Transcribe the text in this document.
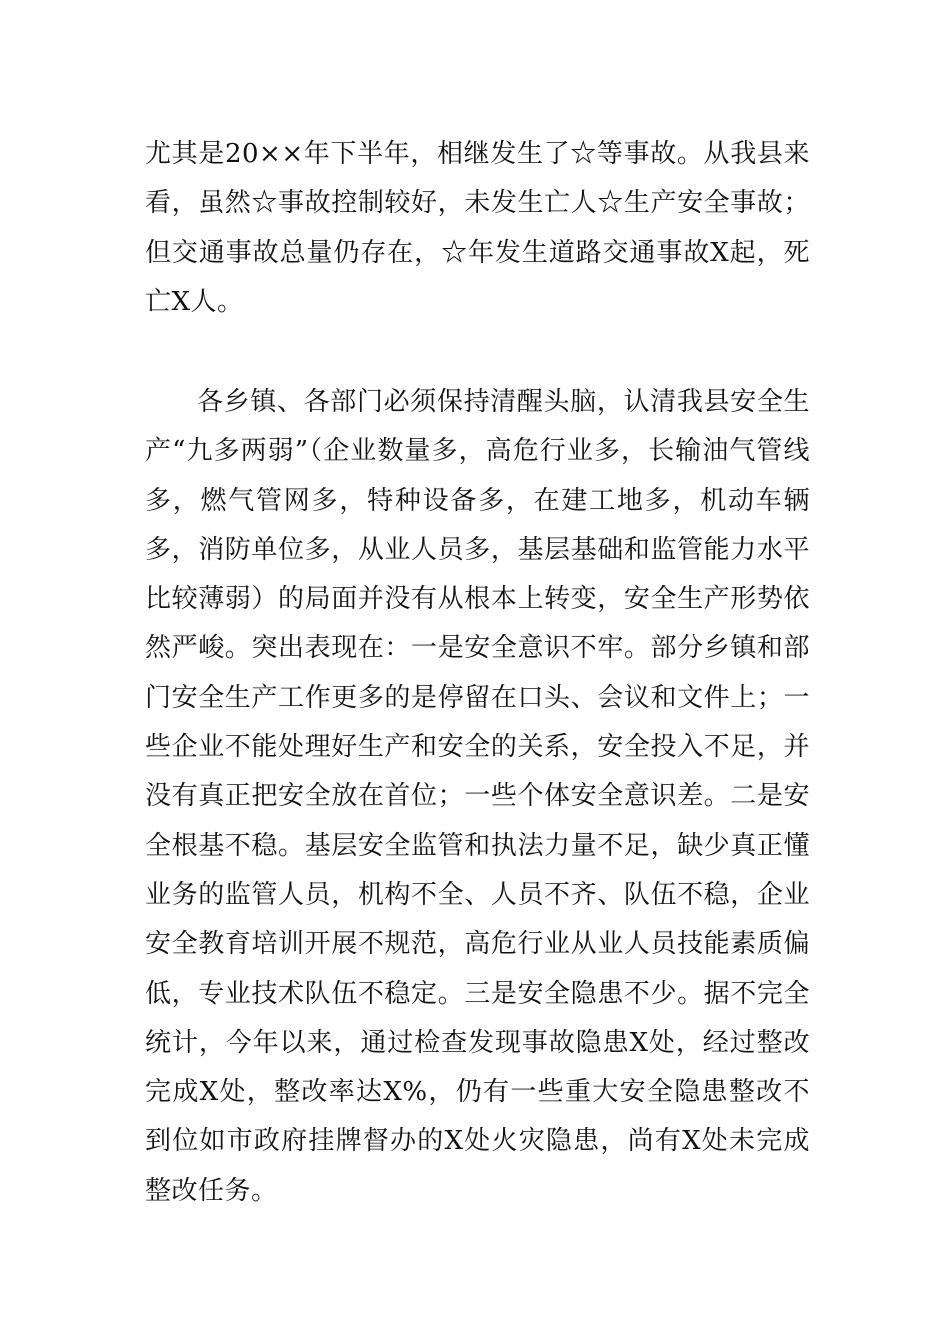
尤其是20××年下半年，相继发生了☆等事故。从我县来看，虽然☆事故控制较好，未发生亡人☆生产安全事故；但交通事故总量仍存在，☆年发生道路交通事故X起，死亡X人。

各乡镇、各部门必须保持清醒头脑，认清我县安全生产“九多两弱”（企业数量多，高危行业多，长输油气管线多，燃气管网多，特种设备多，在建工地多，机动车辆多，消防单位多，从业人员多，基层基础和监管能力水平比较薄弱）的局面并没有从根本上转变，安全生产形势依然严峻。突出表现在：一是安全意识不牢。部分乡镇和部门安全生产工作更多的是停留在口头、会议和文件上；一些企业不能处理好生产和安全的关系，安全投入不足，并没有真正把安全放在首位；一些个体安全意识差。二是安全根基不稳。基层安全监管和执法力量不足，缺少真正懂业务的监管人员，机构不全、人员不齐、队伍不稳，企业安全教育培训开展不规范，高危行业从业人员技能素质偏低，专业技术队伍不稳定。三是安全隐患不少。据不完全统计，今年以来，通过检查发现事故隐患X处，经过整改完成X处，整改率达X%，仍有一些重大安全隐患整改不到位如市政府挂牌督办的X处火灾隐患，尚有X处未完成整改任务。
